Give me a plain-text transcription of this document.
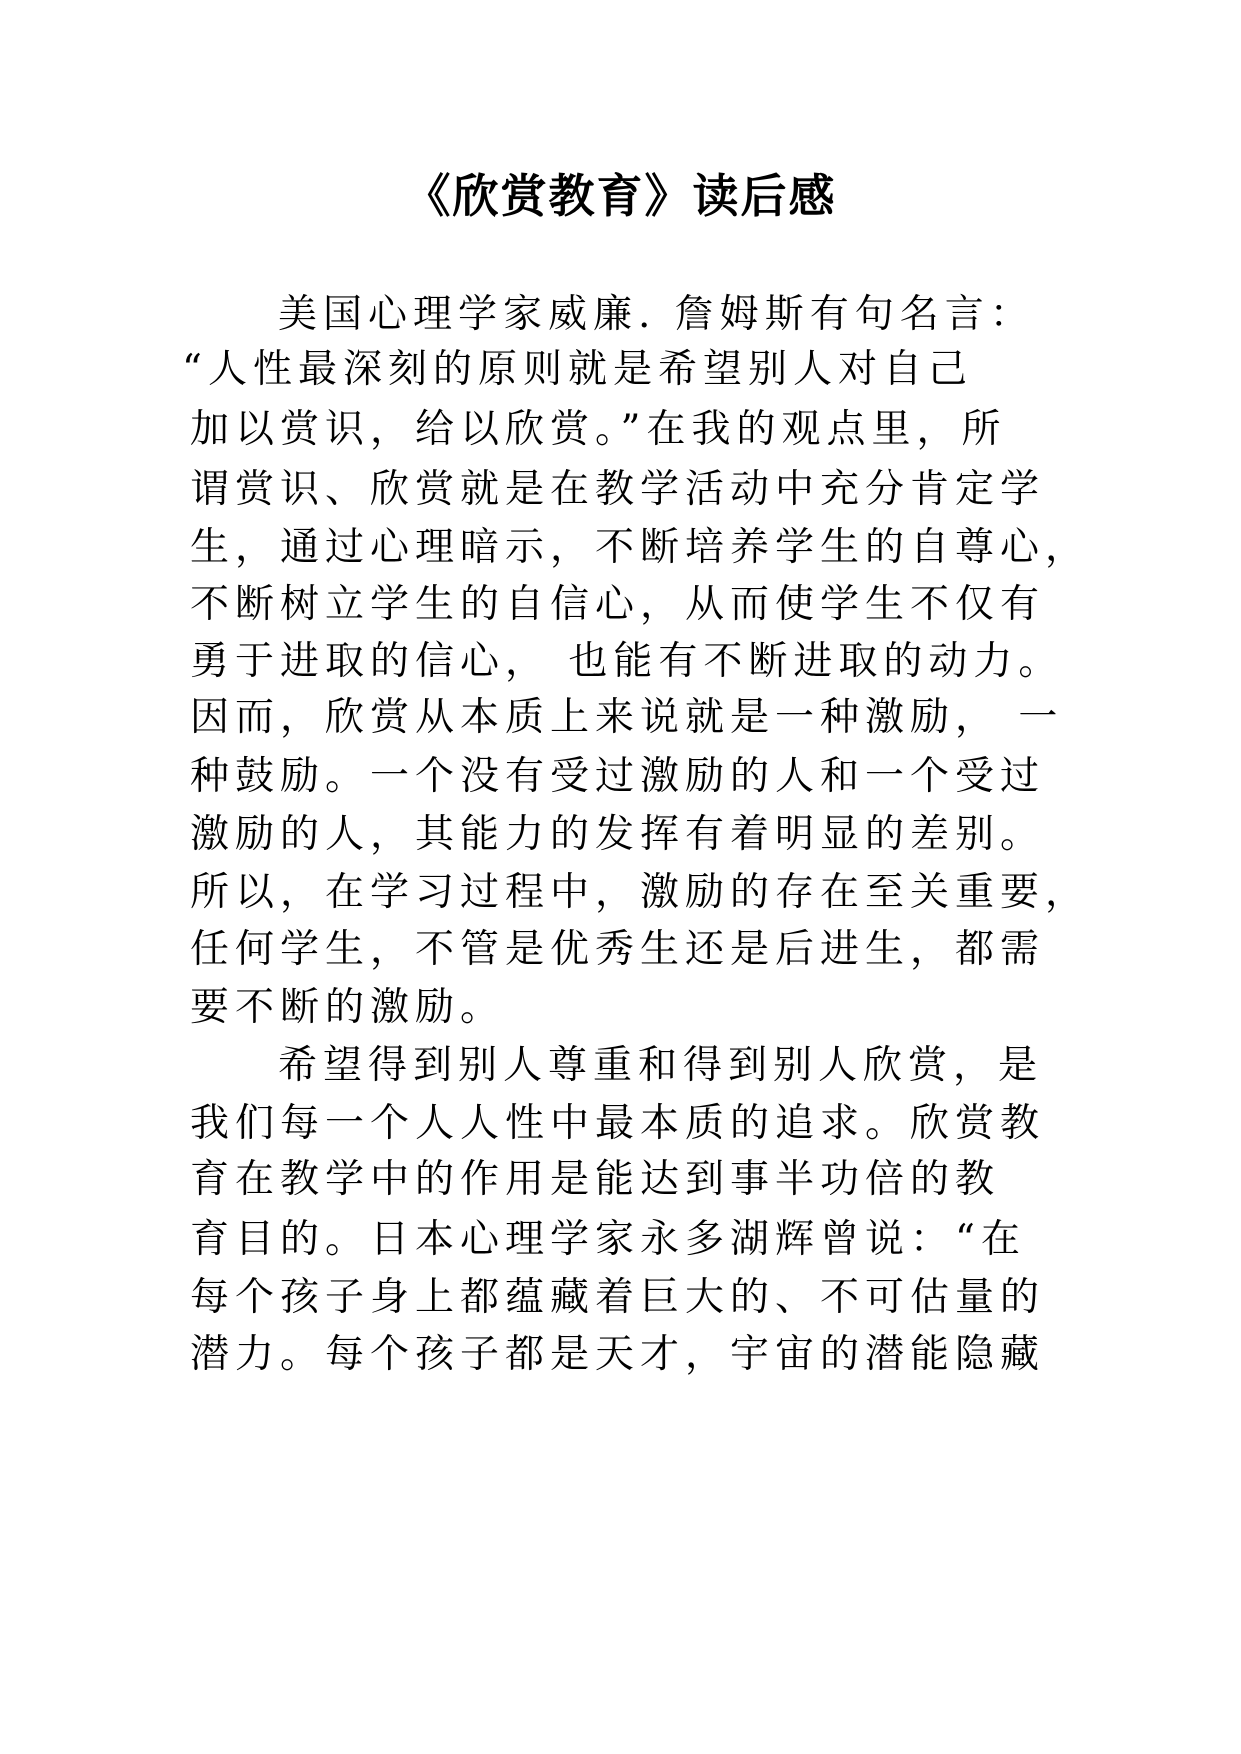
《欣赏教育》读后感
美国心理学家威廉. 詹姆斯有句名言：
“人性最深刻的原则就是希望别人对自己
加以赏识，给以欣赏。”在我的观点里，所
谓赏识、欣赏就是在教学活动中充分肯定学
生，通过心理暗示，不断培养学生的自尊心，
不断树立学生的自信心，从而使学生不仅有
勇于进取的信心， 也能有不断进取的动力。
因而，欣赏从本质上来说就是一种激励， 一
种鼓励。一个没有受过激励的人和一个受过
激励的人，其能力的发挥有着明显的差别。
所以，在学习过程中，激励的存在至关重要，
任何学生，不管是优秀生还是后进生，都需
要不断的激励。
希望得到别人尊重和得到别人欣赏，是
我们每一个人人性中最本质的追求。欣赏教
育在教学中的作用是能达到事半功倍的教
育目的。日本心理学家永多湖辉曾说：“在
每个孩子身上都蕴藏着巨大的、不可估量的
潜力。每个孩子都是天才，宇宙的潜能隐藏
